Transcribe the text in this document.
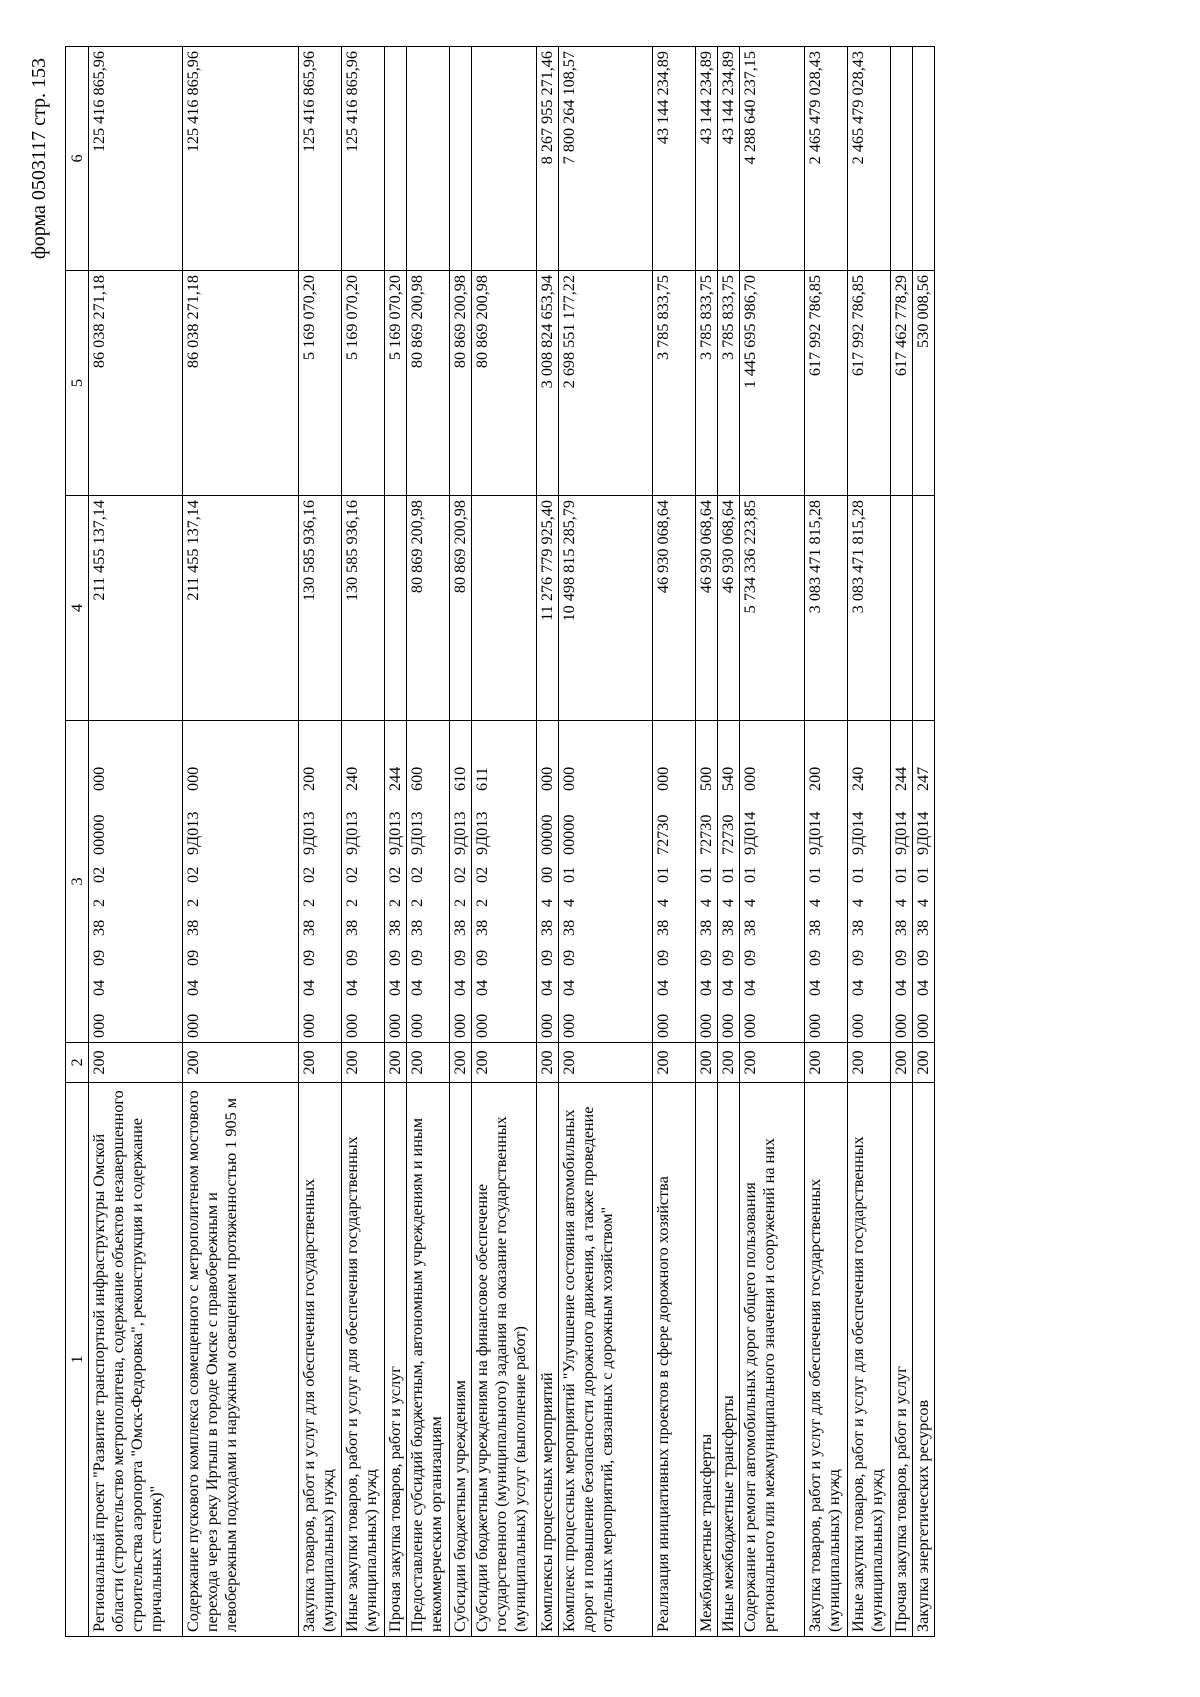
форма 0503117 стр. 153
1	2	3	4	5	6
Региональный проект "Развитие транспортной инфраструктуры Омской области (строительство метрополитена, содержание объектов незавершенного строительства аэропорта "Омск-Федоровка", реконструкция и содержание причальных стенок)"	200	00004093820200000000	211 455 137,14	86 038 271,18	125 416 865,96
Содержание пускового комплекса совмещенного с метрополитеном мостового перехода через реку Иртыш в городе Омске с правобережным и левобережным подходами и наружным освещением протяженностью 1 905 м	200	0000409382029Д013000	211 455 137,14	86 038 271,18	125 416 865,96
Закупка товаров, работ и услуг для обеспечения государственных (муниципальных) нужд	200	0000409382029Д013200	130 585 936,16	5 169 070,20	125 416 865,96
Иные закупки товаров, работ и услуг для обеспечения государственных (муниципальных) нужд	200	0000409382029Д013240	130 585 936,16	5 169 070,20	125 416 865,96
Прочая закупка товаров, работ и услуг	200	0000409382029Д013244		5 169 070,20	
Предоставление субсидий бюджетным, автономным учреждениям и иным некоммерческим организациям	200	0000409382029Д013600	80 869 200,98	80 869 200,98	
Субсидии бюджетным учреждениям	200	0000409382029Д013610	80 869 200,98	80 869 200,98	
Субсидии бюджетным учреждениям на финансовое обеспечение государственного (муниципального) задания на оказание государственных (муниципальных) услуг (выполнение работ)	200	0000409382029Д013611		80 869 200,98	
Комплексы процессных мероприятий	200	00004093840000000000	11 276 779 925,40	3 008 824 653,94	8 267 955 271,46
Комплекс процессных мероприятий "Улучшение состояния автомобильных дорог и повышение безопасности дорожного движения, а также проведение отдельных мероприятий, связанных с дорожным хозяйством"	200	00004093840100000000	10 498 815 285,79	2 698 551 177,22	7 800 264 108,57
Реализация инициативных проектов в сфере дорожного хозяйства	200	00004093840172730000	46 930 068,64	3 785 833,75	43 144 234,89
Межбюджетные трансферты	200	00004093840172730500	46 930 068,64	3 785 833,75	43 144 234,89
Иные межбюджетные трансферты	200	00004093840172730540	46 930 068,64	3 785 833,75	43 144 234,89
Содержание и ремонт автомобильных дорог общего пользования регионального или межмуниципального значения и сооружений на них	200	0000409384019Д014000	5 734 336 223,85	1 445 695 986,70	4 288 640 237,15
Закупка товаров, работ и услуг для обеспечения государственных (муниципальных) нужд	200	0000409384019Д014200	3 083 471 815,28	617 992 786,85	2 465 479 028,43
Иные закупки товаров, работ и услуг для обеспечения государственных (муниципальных) нужд	200	0000409384019Д014240	3 083 471 815,28	617 992 786,85	2 465 479 028,43
Прочая закупка товаров, работ и услуг	200	0000409384019Д014244		617 462 778,29	
Закупка энергетических ресурсов	200	0000409384019Д014247		530 008,56	
